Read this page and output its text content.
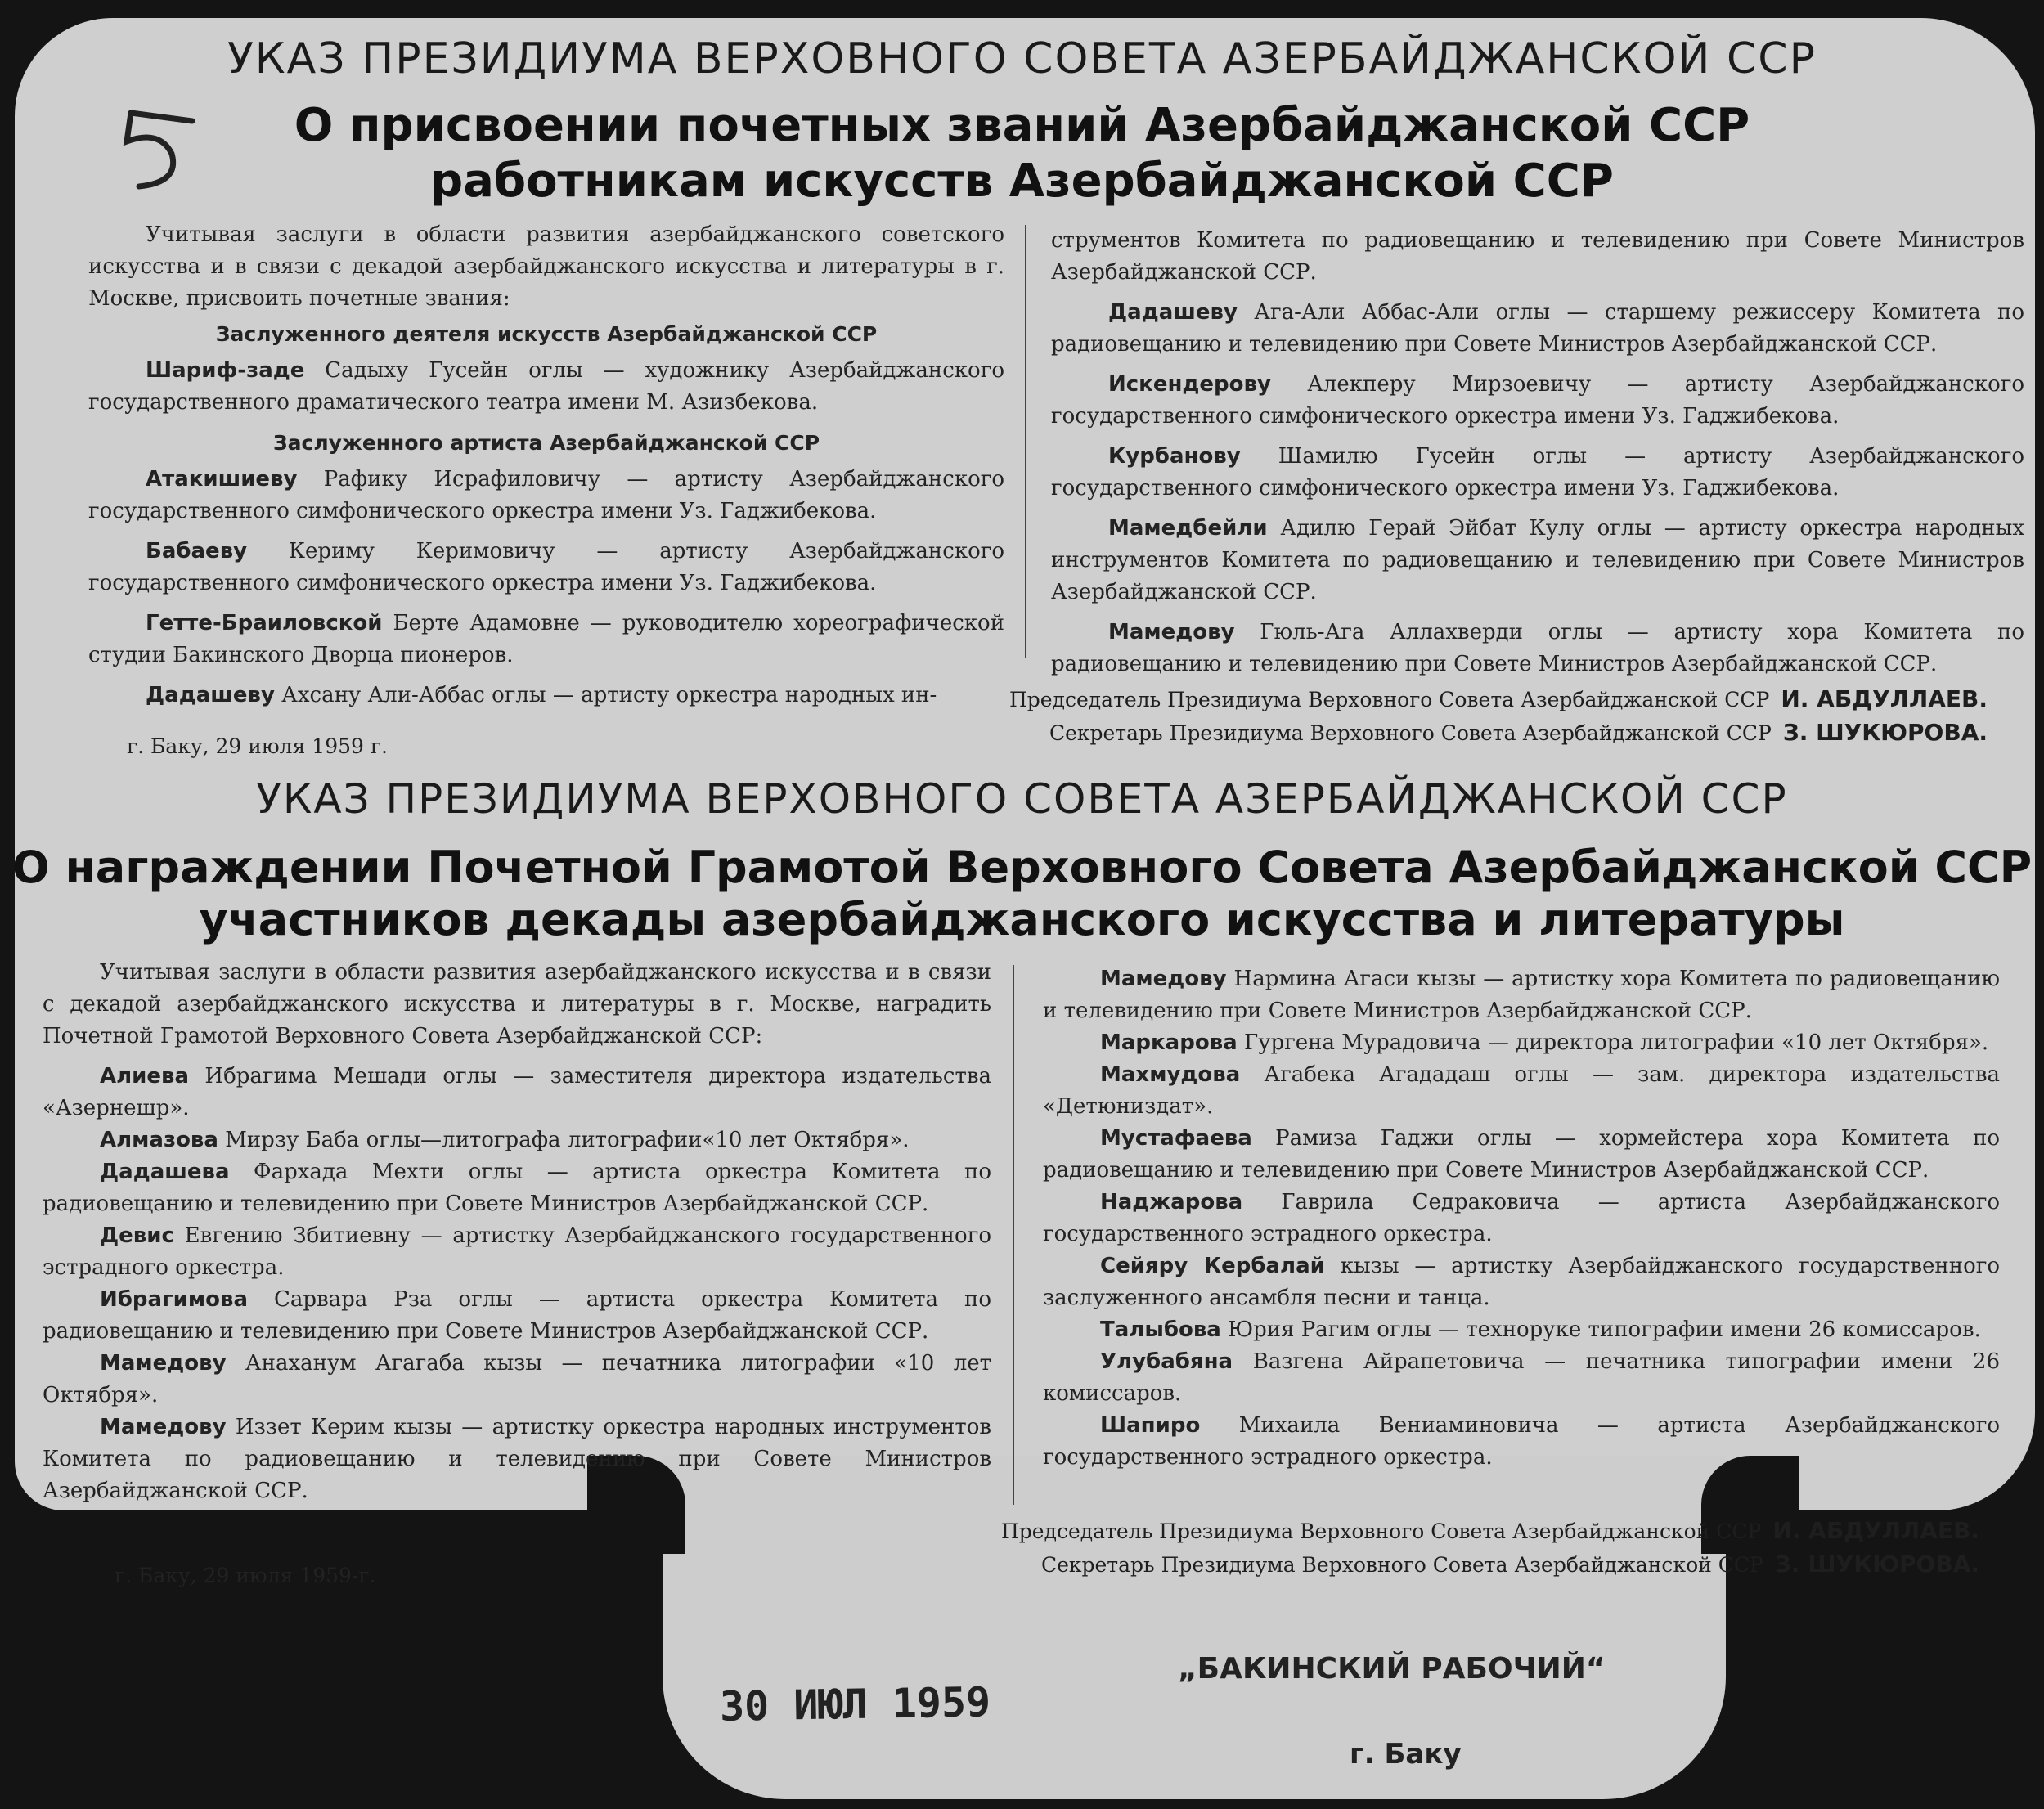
УКАЗ ПРЕЗИДИУМА ВЕРХОВНОГО СОВЕТА АЗЕРБАЙДЖАНСКОЙ ССР
О присвоении почетных званий Азербайджанской ССР
работникам искусств Азербайджанской ССР

Учитывая заслуги в области развития азербайджанского советского искусства и в связи с декадой азербайджанского искусства и литературы в г. Москве, присвоить почетные звания:

Заслуженного деятеля искусств Азербайджанской ССР

Шариф-заде Садыху Гусейн оглы — художнику Азербайджанского государственного драматического театра имени М. Азизбекова.

Заслуженного артиста Азербайджанской ССР

Атакишиеву Рафику Исрафиловичу — артисту Азербайджанского государственного симфонического оркестра имени Уз. Гаджибекова.

Бабаеву Кериму Керимовичу — артисту Азербайджанского государственного симфонического оркестра имени Уз. Гаджибекова.

Гетте-Браиловской Берте Адамовне — руководителю хореографической студии Бакинского Дворца пионеров.

Дадашеву Ахсану Али-Аббас оглы — артисту оркестра народных ин-

струментов Комитета по радиовещанию и телевидению при Совете Министров Азербайджанской ССР.

Дадашеву Ага-Али Аббас-Али оглы — старшему режиссеру Комитета по радиовещанию и телевидению при Совете Министров Азербайджанской ССР.

Искендерову Алекперу Мирзоевичу — артисту Азербайджанского государственного симфонического оркестра имени Уз. Гаджибекова.

Курбанову Шамилю Гусейн оглы — артисту Азербайджанского государственного симфонического оркестра имени Уз. Гаджибекова.

Мамедбейли Адилю Герай Эйбат Кулу оглы — артисту оркестра народных инструментов Комитета по радиовещанию и телевидению при Совете Министров Азербайджанской ССР.

Мамедову Гюль-Ага Аллахверди оглы — артисту хора Комитета по радиовещанию и телевидению при Совете Министров Азербайджанской ССР.

Председатель Президиума Верховного Совета Азербайджанской ССР И. АБДУЛЛАЕВ.
Секретарь Президиума Верховного Совета Азербайджанской ССР З. ШУКЮРОВА.
г. Баку, 29 июля 1959 г.
УКАЗ ПРЕЗИДИУМА ВЕРХОВНОГО СОВЕТА АЗЕРБАЙДЖАНСКОЙ ССР
О награждении Почетной Грамотой Верховного Совета Азербайджанской ССР
участников декады азербайджанского искусства и литературы

Учитывая заслуги в области развития азербайджанского искусства и в связи с декадой азербайджанского искусства и литературы в г. Москве, наградить Почетной Грамотой Верховного Совета Азербайджанской ССР:

Алиева Ибрагима Мешади оглы — заместителя директора издательства «Азернешр».

Алмазова Мирзу Баба оглы—литографа литографии«10 лет Октября».

Дадашева Фархада Мехти оглы — артиста оркестра Комитета по радиовещанию и телевидению при Совете Министров Азербайджанской ССР.

Девис Евгению Збитиевну — артистку Азербайджанского государственного эстрадного оркестра.

Ибрагимова Сарвара Рза оглы — артиста оркестра Комитета по радиовещанию и телевидению при Совете Министров Азербайджанской ССР.

Мамедову Анаханум Агагаба кызы — печатника литографии «10 лет Октября».

Мамедову Иззет Керим кызы — артистку оркестра народных инструментов Комитета по радиовещанию и телевидению при Совете Министров Азербайджанской ССР.

Мамедову Нармина Агаси кызы — артистку хора Комитета по радиовещанию и телевидению при Совете Министров Азербайджанской ССР.

Маркарова Гургена Мурадовича — директора литографии «10 лет Октября».

Махмудова Агабека Агададаш оглы — зам. директора издательства «Детюниздат».

Мустафаева Рамиза Гаджи оглы — хормейстера хора Комитета по радиовещанию и телевидению при Совете Министров Азербайджанской ССР.

Наджарова Гаврила Седраковича — артиста Азербайджанского государственного эстрадного оркестра.

Сейяру Кербалай кызы — артистку Азербайджанского государственного заслуженного ансамбля песни и танца.

Талыбова Юрия Рагим оглы — техноруке типографии имени 26 комиссаров.

Улубабяна Вазгена Айрапетовича — печатника типографии имени 26 комиссаров.

Шапиро Михаила Вениаминовича — артиста Азербайджанского государственного эстрадного оркестра.

Председатель Президиума Верховного Совета Азербайджанской ССР И. АБДУЛЛАЕВ.
Секретарь Президиума Верховного Совета Азербайджанской ССР З. ШУКЮРОВА.
г. Баку, 29 июля 1959-г.
30 ИЮЛ 1959
„БАКИНСКИЙ РАБОЧИЙ“
г. Баку
